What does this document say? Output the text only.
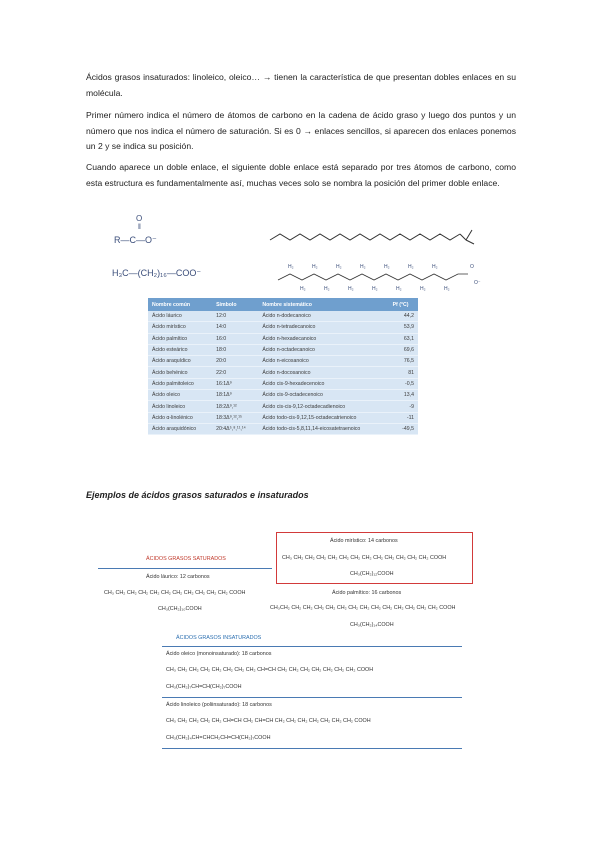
Ácidos grasos insaturados: linoleico, oleico… → tienen la característica de que presentan dobles enlaces en su molécula.
Primer número indica el número de átomos de carbono en la cadena de ácido graso y luego dos puntos y un número que nos indica el número de saturación. Si es 0 → enlaces sencillos, si aparecen dos enlaces ponemos un 2 y se indica su posición.
Cuando aparece un doble enlace, el siguiente doble enlace está separado por tres átomos de carbono, como esta estructura es fundamentalmente así, muchas veces solo se nombra la posición del primer doble enlace.
O
‖
R—C—O⁻
H₃C—(CH₂)₁₆—COO⁻
H₂	H₂	H₂	H₂	H₂	H₂	H₂
H₂	H₂	H₂	H₂	H₂	H₂	H₂
O
O⁻
Nombre común	Símbolo	Nombre sistemático	Pf (°C)
Ácido láurico	12:0	Ácido n-dodecanoico	44,2
Ácido mirístico	14:0	Ácido n-tetradecanoico	53,9
Ácido palmítico	16:0	Ácido n-hexadecanoico	63,1
Ácido esteárico	18:0	Ácido n-octadecanoico	69,6
Ácido araquídico	20:0	Ácido n-eicosanoico	76,5
Ácido behénico	22:0	Ácido n-docosanoico	81
Ácido palmitoleico	16:1Δ⁹	Ácido cis-9-hexadecenoico	-0,5
Ácido oleico	18:1Δ⁹	Ácido cis-9-octadecenoico	13,4
Ácido linoleico	18:2Δ⁹,¹²	Ácido cis-cis-9,12-octadecadienoico	-9
Ácido α-linolénico	18:3Δ⁹,¹²,¹⁵	Ácido todo-cis-9,12,15-octadecatrienoico	-11
Ácido araquidónico	20:4Δ⁵,⁸,¹¹,¹⁴	Ácido todo-cis-5,8,11,14-eicosatetraenoico	-49,5
Ejemplos de ácidos grasos saturados e insaturados
ÁCIDOS GRASOS SATURADOS
Ácido láurico: 12 carbonos
CH₃ CH₂ CH₂ CH₂ CH₂ CH₂ CH₂ CH₂ CH₂ CH₂ CH₂ COOH
CH₃(CH₂)₁₀COOH
Ácido mirístico: 14 carbonos
CH₃ CH₂ CH₂ CH₂ CH₂ CH₂ CH₂ CH₂ CH₂ CH₂ CH₂ CH₂ CH₂ COOH
CH₃(CH₂)₁₂COOH
Ácido palmítico: 16 carbonos
CH₃CH₂ CH₂ CH₂ CH₂ CH₂ CH₂ CH₂ CH₂ CH₂ CH₂ CH₂ CH₂ CH₂ CH₂ COOH
CH₃(CH₂)₁₄COOH
ÁCIDOS GRASOS INSATURADOS
Ácido oleico (monoinsaturado): 18 carbonos
CH₃ CH₂ CH₂ CH₂ CH₂ CH₂ CH₂ CH₂ CH=CH CH₂ CH₂ CH₂ CH₂ CH₂ CH₂ CH₂ COOH
CH₃(CH₂)₇CH=CH(CH₂)₇COOH
Ácido linoleico (poliinsaturado): 18 carbonos
CH₃ CH₂ CH₂ CH₂ CH₂ CH=CH CH₂ CH=CH CH₂ CH₂ CH₂ CH₂ CH₂ CH₂ CH₂ COOH
CH₃(CH₂)₄CH=CHCH₂CH=CH(CH₂)₇COOH
